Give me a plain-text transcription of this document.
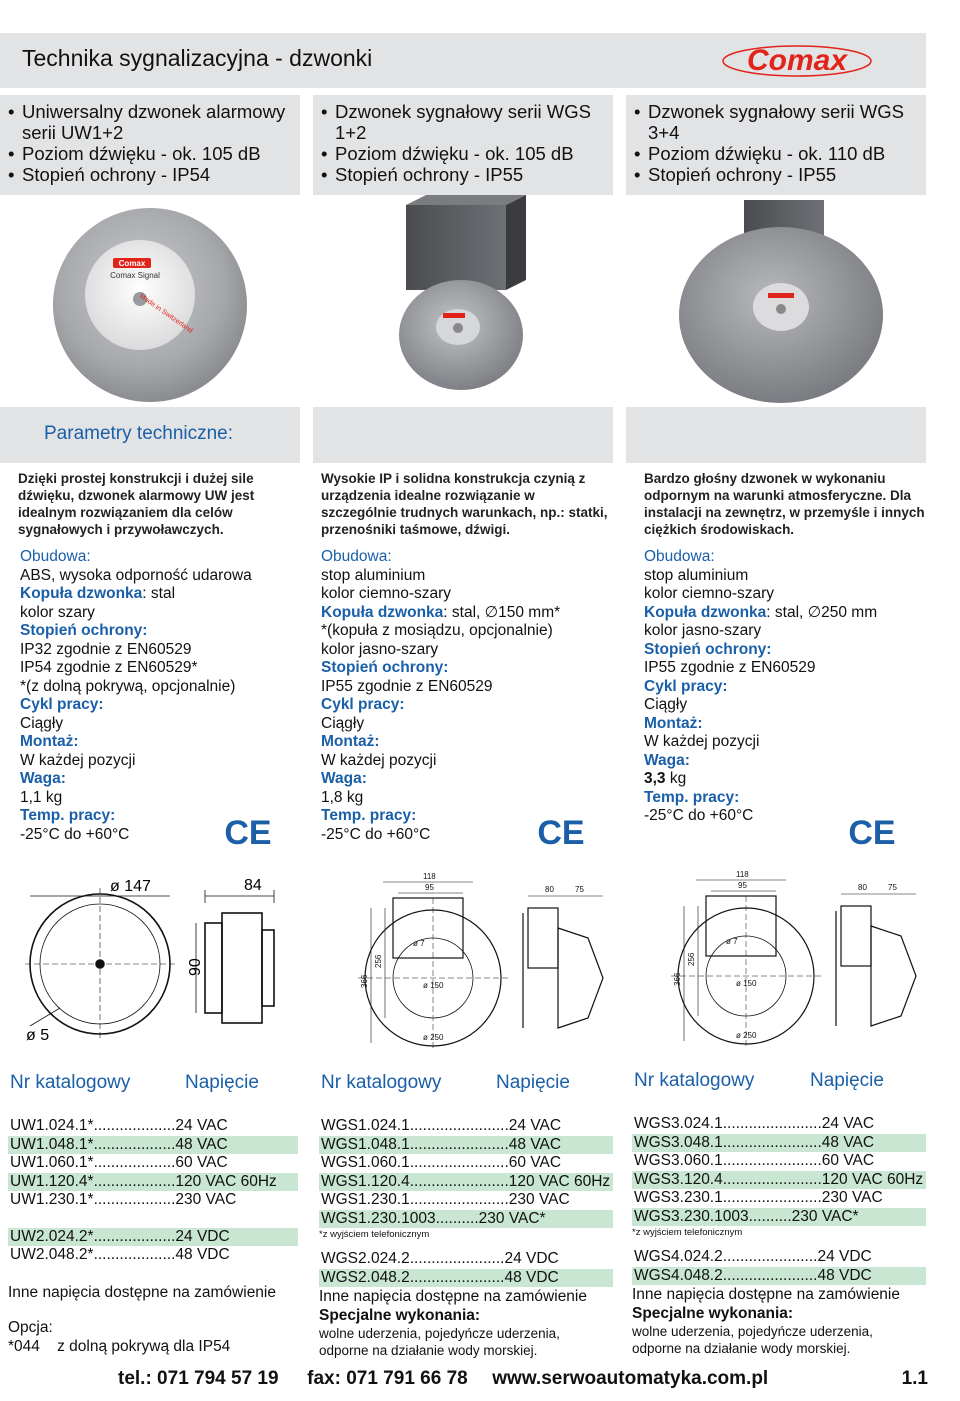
Technika sygnalizacyjna - dzwonki	Comax
• Uniwersalny dzwonek alarmowy serii UW1+2
• Poziom dźwięku - ok. 105 dB
• Stopień ochrony - IP54
Comax
Comax Signal
Made in Switzerland
• Dzwonek sygnałowy serii WGS 1+2
• Poziom dźwięku - ok. 105 dB
• Stopień ochrony - IP55
• Dzwonek sygnałowy serii WGS 3+4
• Poziom dźwięku - ok. 110 dB
• Stopień ochrony - IP55
Parametry techniczne:
Dzięki prostej konstrukcji i dużej sile dźwięku, dzwonek alarmowy UW jest idealnym rozwiązaniem dla celów sygnałowych i przywoławczych.
Wysokie IP i solidna konstrukcja czynią z urządzenia idealne rozwiązanie w szczególnie trudnych warunkach, np.: statki, przenośniki taśmowe, dźwigi.
Bardzo głośny dzwonek w wykonaniu odpornym na warunki atmosferyczne. Dla instalacji na zewnętrz, w przemyśle i innych ciężkich środowiskach.
Obudowa:
ABS, wysoka odporność udarowa
Kopuła dzwonka: stal
kolor szary
Stopień ochrony:
IP32 zgodnie z EN60529
IP54 zgodnie z EN60529*
*(z dolną pokrywą, opcjonalnie)
Cykl pracy:
Ciągły
Montaż:
W każdej pozycji
Waga:
1,1 kg
Temp. pracy:
-25°C do +60°C	CE
Obudowa:
stop aluminium
kolor ciemno-szary
Kopuła dzwonka: stal, ∅150 mm*
*(kopuła z mosiądzu, opcjonalnie)
kolor jasno-szary
Stopień ochrony:
IP55 zgodnie z EN60529
Cykl pracy:
Ciągły
Montaż:
W każdej pozycji
Waga:
1,8 kg
Temp. pracy:
-25°C do +60°C	CE
Obudowa:
stop aluminium
kolor ciemno-szary
Kopuła dzwonka: stal, ∅250 mm
kolor jasno-szary
Stopień ochrony:
IP55 zgodnie z EN60529
Cykl pracy:
Ciągły
Montaż:
W każdej pozycji
Waga:
3,3 kg
Temp. pracy:
-25°C do +60°C	CE
ø 147	84
90
ø 5
118
95	80	75
ø 7
ø 150
ø 250
366
256
118
95	80	75
ø 7
ø 150
ø 250
366
256
Nr katalogowy	Napięcie	Nr katalogowy	Napięcie	Nr katalogowy	Napięcie
UW1.024.1*...................24 VAC
UW1.048.1*...................48 VAC
UW1.060.1*...................60 VAC
UW1.120.4*...................120 VAC 60Hz
UW1.230.1*...................230 VAC
UW2.024.2*...................24 VDC
UW2.048.2*...................48 VDC
Inne napięcia dostępne na zamówienie
Opcja:
*044    z dolną pokrywą dla IP54
WGS1.024.1.......................24 VAC
WGS1.048.1.......................48 VAC
WGS1.060.1.......................60 VAC
WGS1.120.4.......................120 VAC 60Hz
WGS1.230.1.......................230 VAC
WGS1.230.1003..........230 VAC*
*z wyjściem telefonicznym
WGS2.024.2......................24 VDC
WGS2.048.2......................48 VDC
Inne napięcia dostępne na zamówienie
Specjalne wykonania:
wolne uderzenia, pojedyńcze uderzenia,
odporne na działanie wody morskiej.
WGS3.024.1.......................24 VAC
WGS3.048.1.......................48 VAC
WGS3.060.1.......................60 VAC
WGS3.120.4.......................120 VAC 60Hz
WGS3.230.1.......................230 VAC
WGS3.230.1003..........230 VAC*
*z wyjściem telefonicznym
WGS4.024.2......................24 VDC
WGS4.048.2......................48 VDC
Inne napięcia dostępne na zamówienie
Specjalne wykonania:
wolne uderzenia, pojedyńcze uderzenia,
odporne na działanie wody morskiej.
tel.: 071 794 57 19 fax: 071 791 66 78 www.serwoautomatyka.com.pl	1.1
